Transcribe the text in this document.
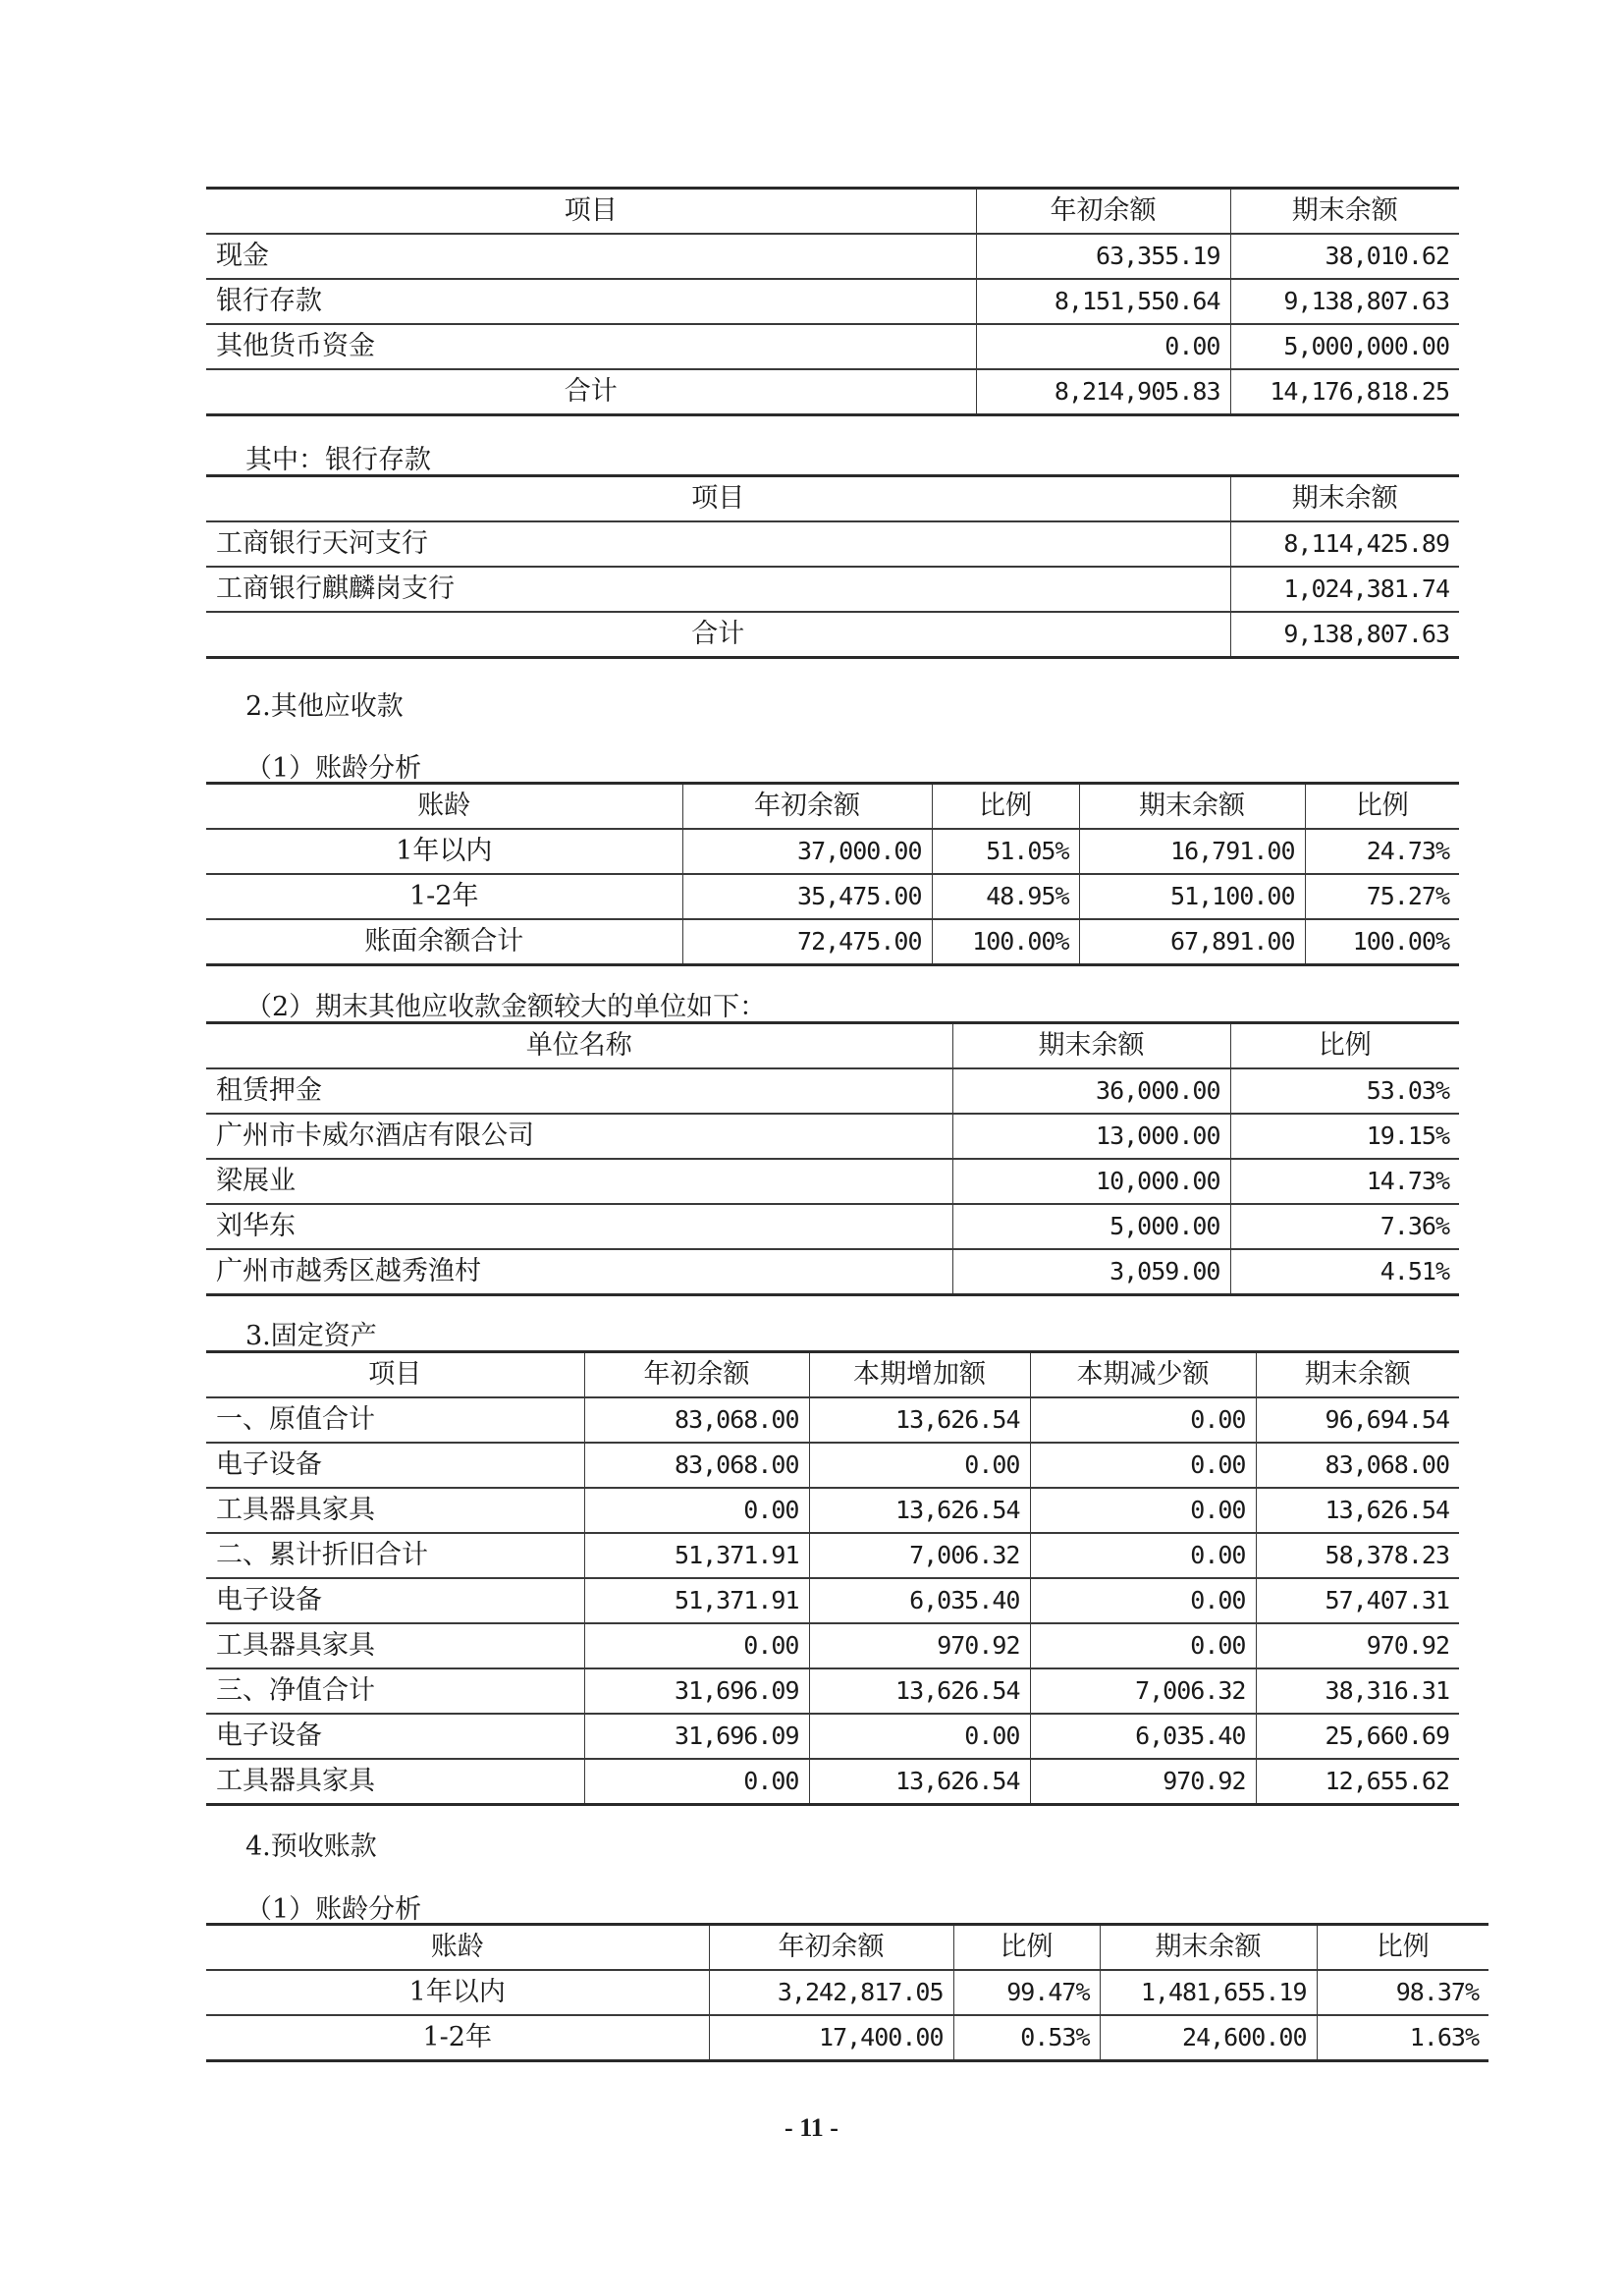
项目	年初余额	期末余额
现金	63,355.19	38,010.62
银行存款	8,151,550.64	9,138,807.63
其他货币资金	0.00	5,000,000.00
合计	8,214,905.83	14,176,818.25
其中：银行存款
项目	期末余额
工商银行天河支行	8,114,425.89
工商银行麒麟岗支行	1,024,381.74
合计	9,138,807.63
2.其他应收款
（1）账龄分析
账龄	年初余额	比例	期末余额	比例
1年以内	37,000.00	51.05%	16,791.00	24.73%
1-2年	35,475.00	48.95%	51,100.00	75.27%
账面余额合计	72,475.00	100.00%	67,891.00	100.00%
（2）期末其他应收款金额较大的单位如下：
单位名称	期末余额	比例
租赁押金	36,000.00	53.03%
广州市卡威尔酒店有限公司	13,000.00	19.15%
梁展业	10,000.00	14.73%
刘华东	5,000.00	7.36%
广州市越秀区越秀渔村	3,059.00	4.51%
3.固定资产
项目	年初余额	本期增加额	本期减少额	期末余额
一、原值合计	83,068.00	13,626.54	0.00	96,694.54
电子设备	83,068.00	0.00	0.00	83,068.00
工具器具家具	0.00	13,626.54	0.00	13,626.54
二、累计折旧合计	51,371.91	7,006.32	0.00	58,378.23
电子设备	51,371.91	6,035.40	0.00	57,407.31
工具器具家具	0.00	970.92	0.00	970.92
三、净值合计	31,696.09	13,626.54	7,006.32	38,316.31
电子设备	31,696.09	0.00	6,035.40	25,660.69
工具器具家具	0.00	13,626.54	970.92	12,655.62
4.预收账款
（1）账龄分析
账龄	年初余额	比例	期末余额	比例
1年以内	3,242,817.05	99.47%	1,481,655.19	98.37%
1-2年	17,400.00	0.53%	24,600.00	1.63%
- 11 -
